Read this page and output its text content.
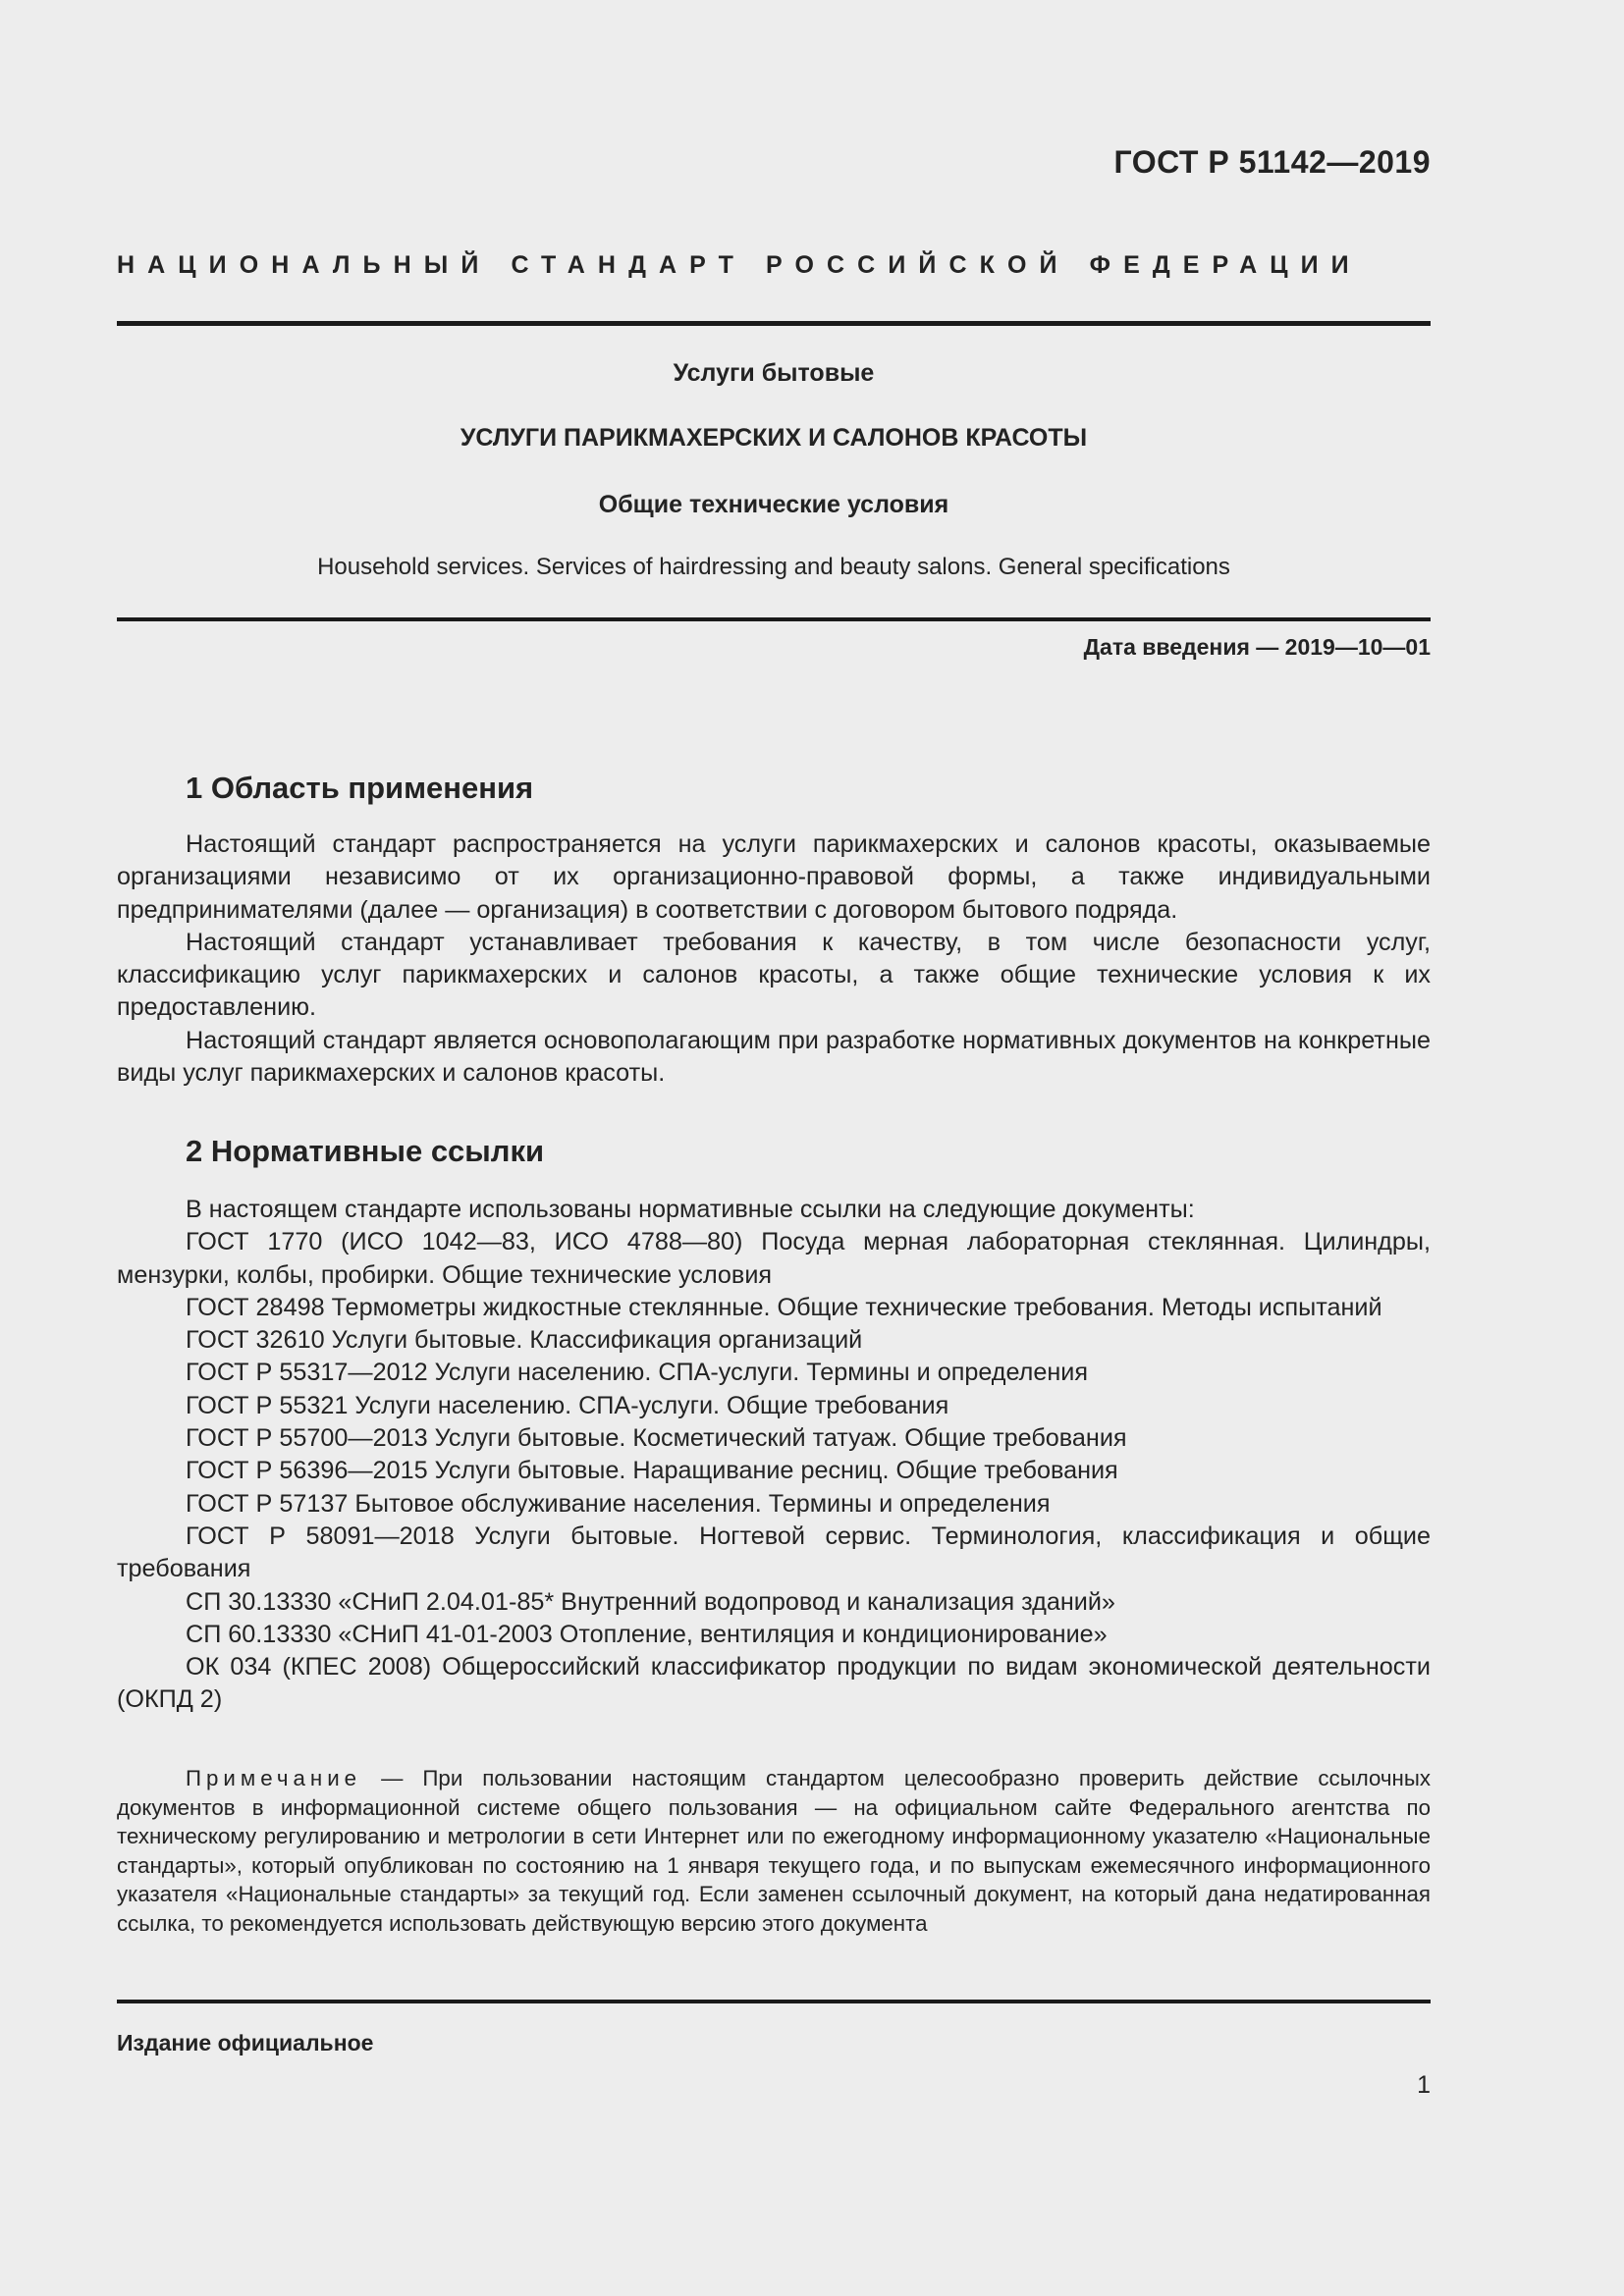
ГОСТ Р 51142—2019
НАЦИОНАЛЬНЫЙ СТАНДАРТ РОССИЙСКОЙ ФЕДЕРАЦИИ
Услуги бытовые
УСЛУГИ ПАРИКМАХЕРСКИХ И САЛОНОВ КРАСОТЫ
Общие технические условия
Household services. Services of hairdressing and beauty salons. General specifications
Дата введения — 2019—10—01
1 Область применения

Настоящий стандарт распространяется на услуги парикмахерских и салонов красоты, оказываемые организациями независимо от их организационно-правовой формы, а также индивидуальными предпринимателями (далее — организация) в соответствии с договором бытового подряда.

Настоящий стандарт устанавливает требования к качеству, в том числе безопасности услуг, классификацию услуг парикмахерских и салонов красоты, а также общие технические условия к их предоставлению.

Настоящий стандарт является основополагающим при разработке нормативных документов на конкретные виды услуг парикмахерских и салонов красоты.

2 Нормативные ссылки

В настоящем стандарте использованы нормативные ссылки на следующие документы:

ГОСТ 1770 (ИСО 1042—83, ИСО 4788—80) Посуда мерная лабораторная стеклянная. Цилиндры, мензурки, колбы, пробирки. Общие технические условия

ГОСТ 28498 Термометры жидкостные стеклянные. Общие технические требования. Методы испытаний

ГОСТ 32610 Услуги бытовые. Классификация организаций

ГОСТ Р 55317—2012 Услуги населению. СПА-услуги. Термины и определения

ГОСТ Р 55321 Услуги населению. СПА-услуги. Общие требования

ГОСТ Р 55700—2013 Услуги бытовые. Косметический татуаж. Общие требования

ГОСТ Р 56396—2015 Услуги бытовые. Наращивание ресниц. Общие требования

ГОСТ Р 57137 Бытовое обслуживание населения. Термины и определения

ГОСТ Р 58091—2018 Услуги бытовые. Ногтевой сервис. Терминология, классификация и общие требования

СП 30.13330 «СНиП 2.04.01-85* Внутренний водопровод и канализация зданий»

СП 60.13330 «СНиП 41-01-2003 Отопление, вентиляция и кондиционирование»

ОК 034 (КПЕС 2008) Общероссийский классификатор продукции по видам экономической деятельности (ОКПД 2)

Примечание — При пользовании настоящим стандартом целесообразно проверить действие ссылочных документов в информационной системе общего пользования — на официальном сайте Федерального агентства по техническому регулированию и метрологии в сети Интернет или по ежегодному информационному указателю «Национальные стандарты», который опубликован по состоянию на 1 января текущего года, и по выпускам ежемесячного информационного указателя «Национальные стандарты» за текущий год. Если заменен ссылочный документ, на который дана недатированная ссылка, то рекомендуется использовать действующую версию этого документа

Издание официальное
1
